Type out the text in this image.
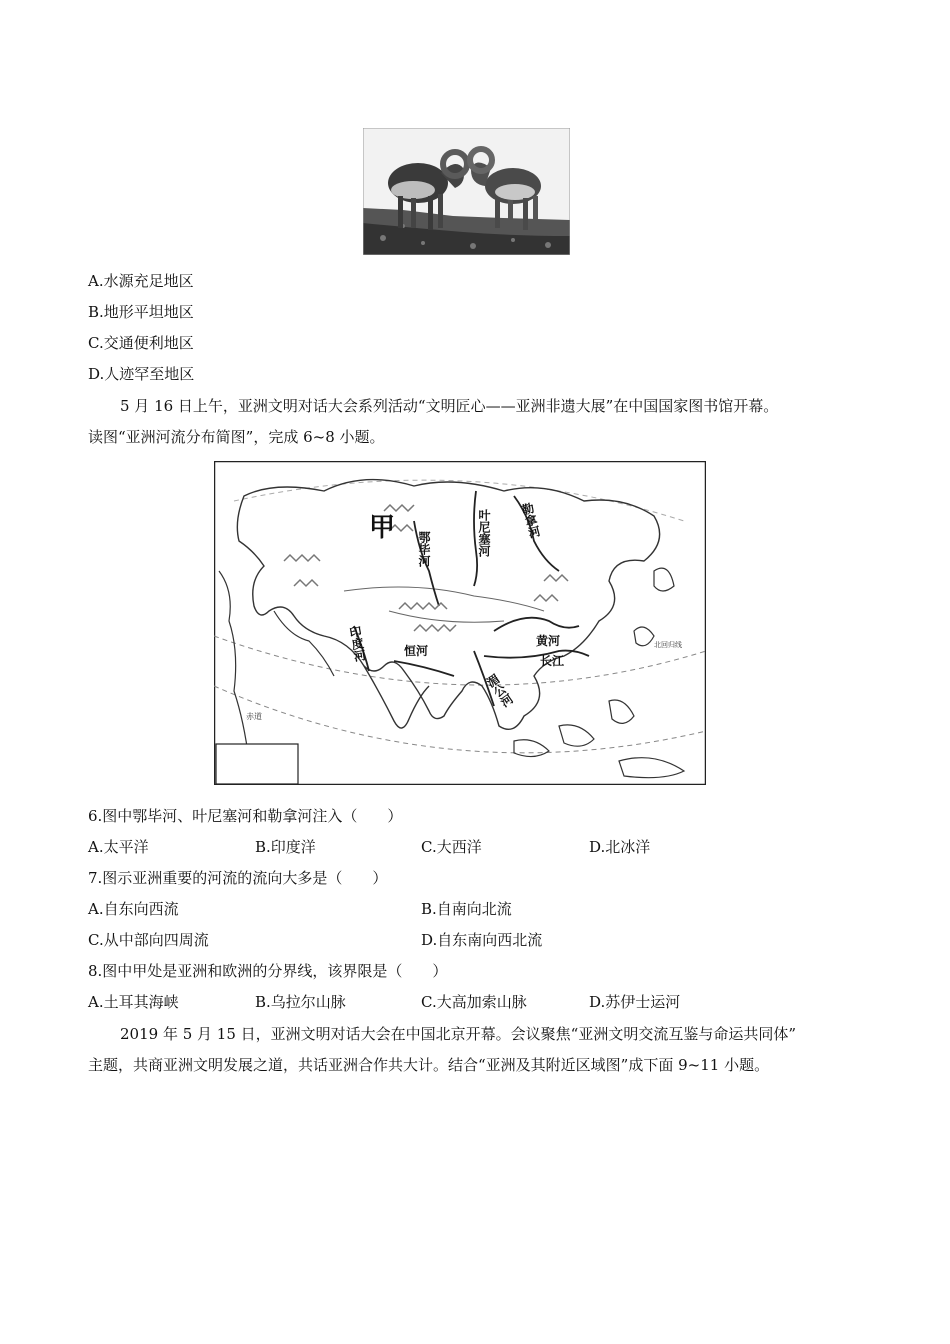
A.水源充足地区
B.地形平坦地区
C.交通便利地区
D.人迹罕至地区
5 月 16 日上午，亚洲文明对话大会系列活动“文明匠心——亚洲非遗大展”在中国国家图书馆开幕。
读图“亚洲河流分布简图”，完成 6~8 小题。
甲
鄂毕河	叶尼塞河 勒拿河
印度河	恒河
湄公河
黄河
长江
赤道
北回归线
6.图中鄂毕河、叶尼塞河和勒拿河注入（　　）
A.太平洋	B.印度洋	C.大西洋	D.北冰洋
7.图示亚洲重要的河流的流向大多是（　　）
A.自东向西流	B.自南向北流
C.从中部向四周流	D.自东南向西北流
8.图中甲处是亚洲和欧洲的分界线，该界限是（　　）
A.土耳其海峡	B.乌拉尔山脉	C.大高加索山脉	D.苏伊士运河
2019 年 5 月 15 日，亚洲文明对话大会在中国北京开幕。会议聚焦“亚洲文明交流互鉴与命运共同体”
主题，共商亚洲文明发展之道，共话亚洲合作共大计。结合“亚洲及其附近区域图”成下面 9~11 小题。
